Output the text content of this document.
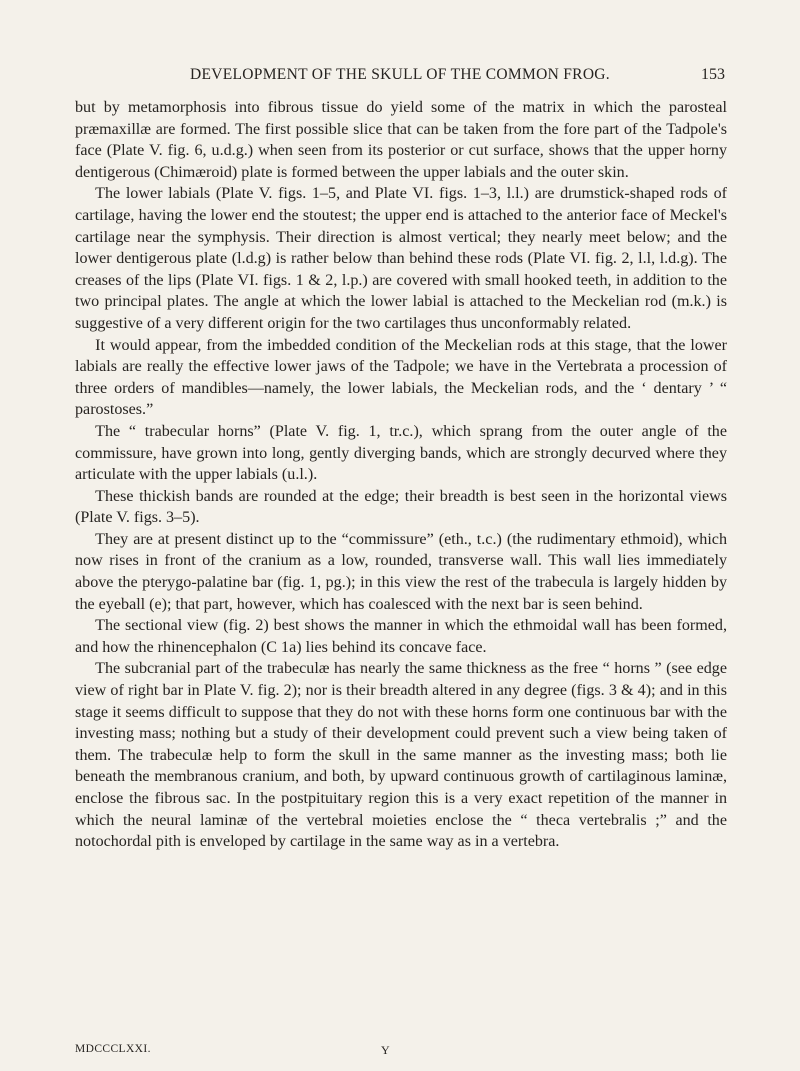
DEVELOPMENT OF THE SKULL OF THE COMMON FROG.	153

but by metamorphosis into fibrous tissue do yield some of the matrix in which the parosteal præmaxillæ are formed. The first possible slice that can be taken from the fore part of the Tadpole's face (Plate V. fig. 6, u.d.g.) when seen from its posterior or cut surface, shows that the upper horny dentigerous (Chimæroid) plate is formed between the upper labials and the outer skin.

The lower labials (Plate V. figs. 1–5, and Plate VI. figs. 1–3, l.l.) are drumstick-shaped rods of cartilage, having the lower end the stoutest; the upper end is attached to the anterior face of Meckel's cartilage near the symphysis. Their direction is almost vertical; they nearly meet below; and the lower dentigerous plate (l.d.g) is rather below than behind these rods (Plate VI. fig. 2, l.l, l.d.g). The creases of the lips (Plate VI. figs. 1 & 2, l.p.) are covered with small hooked teeth, in addition to the two principal plates. The angle at which the lower labial is attached to the Meckelian rod (m.k.) is suggestive of a very different origin for the two cartilages thus unconformably related.

It would appear, from the imbedded condition of the Meckelian rods at this stage, that the lower labials are really the effective lower jaws of the Tadpole; we have in the Vertebrata a procession of three orders of mandibles—namely, the lower labials, the Meckelian rods, and the ‘ dentary ’ “ parostoses.”

The “ trabecular horns” (Plate V. fig. 1, tr.c.), which sprang from the outer angle of the commissure, have grown into long, gently diverging bands, which are strongly decurved where they articulate with the upper labials (u.l.).

These thickish bands are rounded at the edge; their breadth is best seen in the horizontal views (Plate V. figs. 3–5).

They are at present distinct up to the “commissure” (eth., t.c.) (the rudimentary ethmoid), which now rises in front of the cranium as a low, rounded, transverse wall. This wall lies immediately above the pterygo-palatine bar (fig. 1, pg.); in this view the rest of the trabecula is largely hidden by the eyeball (e); that part, however, which has coalesced with the next bar is seen behind.

The sectional view (fig. 2) best shows the manner in which the ethmoidal wall has been formed, and how the rhinencephalon (C 1a) lies behind its concave face.

The subcranial part of the trabeculæ has nearly the same thickness as the free “ horns ” (see edge view of right bar in Plate V. fig. 2); nor is their breadth altered in any degree (figs. 3 & 4); and in this stage it seems difficult to suppose that they do not with these horns form one continuous bar with the investing mass; nothing but a study of their development could prevent such a view being taken of them. The trabeculæ help to form the skull in the same manner as the investing mass; both lie beneath the membranous cranium, and both, by upward continuous growth of cartilaginous laminæ, enclose the fibrous sac. In the postpituitary region this is a very exact repetition of the manner in which the neural laminæ of the vertebral moieties enclose the “ theca vertebralis ;” and the notochordal pith is enveloped by cartilage in the same way as in a vertebra.

MDCCCLXXI.	Y
